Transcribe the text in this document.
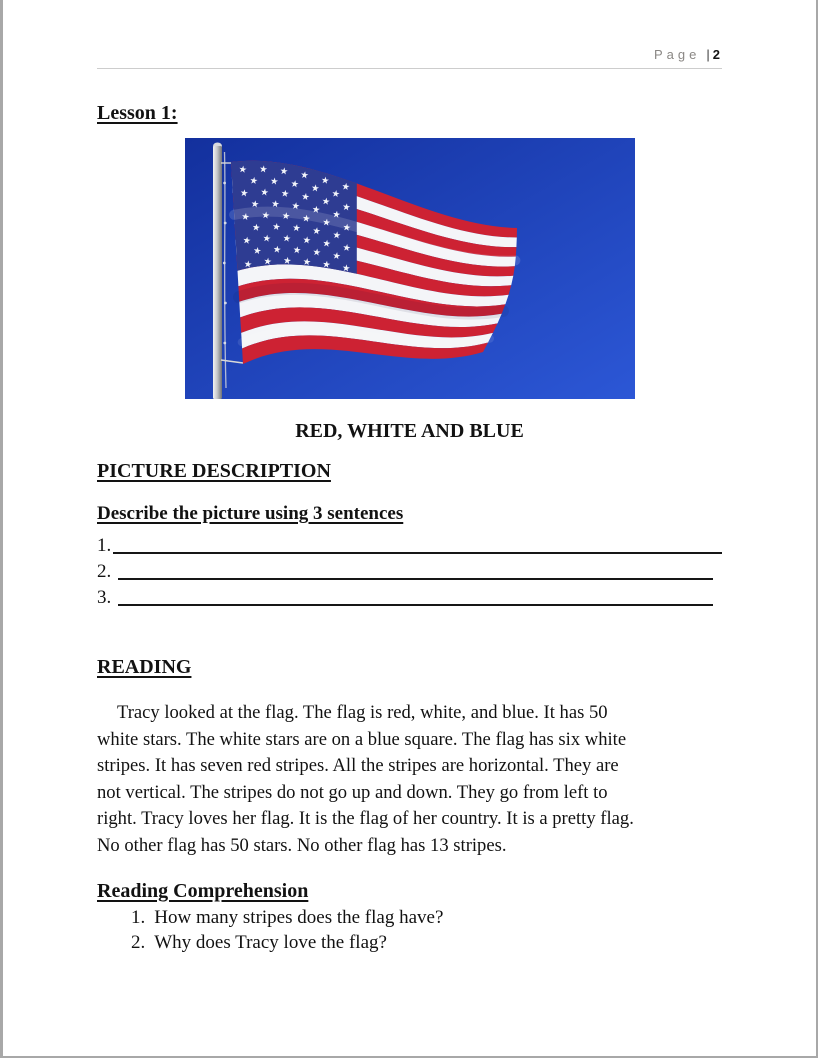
Page | 2
Lesson 1:
RED, WHITE AND BLUE
PICTURE DESCRIPTION
Describe the picture using 3 sentences
1.
2.
3.
READING
Tracy looked at the flag. The flag is red, white, and blue. It has 50
white stars. The white stars are on a blue square. The flag has six white
stripes. It has seven red stripes. All the stripes are horizontal. They are
not vertical. The stripes do not go up and down. They go from left to
right. Tracy loves her flag. It is the flag of her country. It is a pretty flag.
No other flag has 50 stars. No other flag has 13 stripes.
Reading Comprehension
1. How many stripes does the flag have?
2. Why does Tracy love the flag?
